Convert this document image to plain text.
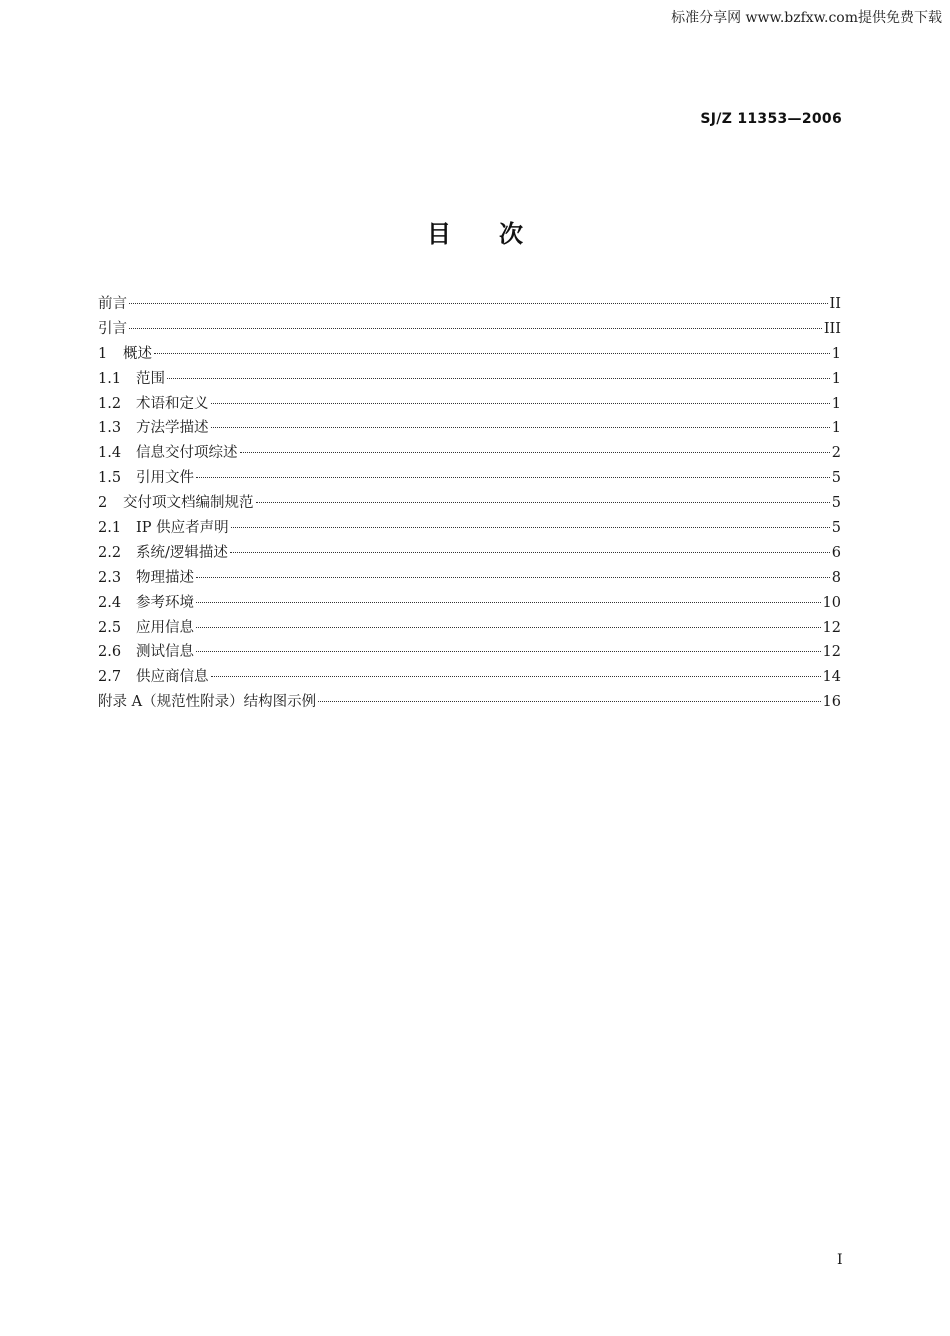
标准分享网 www.bzfxw.com提供免费下载
SJ/Z 11353—2006
目次
前言	II
引言	III
1	概述	1
1.1	范围	1
1.2	术语和定义	1
1.3	方法学描述	1
1.4	信息交付项综述	2
1.5	引用文件	5
2	交付项文档编制规范	5
2.1	IP 供应者声明	5
2.2	系统/逻辑描述	6
2.3	物理描述	8
2.4	参考环境	10
2.5	应用信息	12
2.6	测试信息	12
2.7	供应商信息	14
附录 A（规范性附录）结构图示例	16
I
